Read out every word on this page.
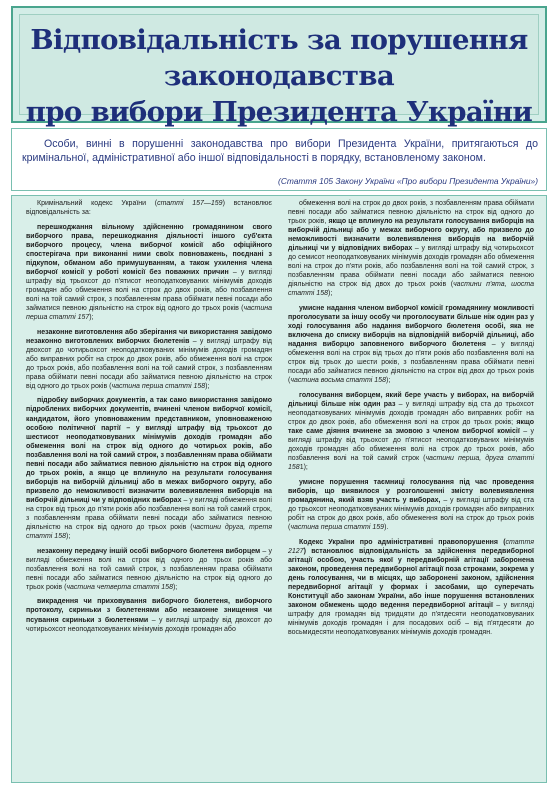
Відповідальність за порушення законодавства
про вибори Президента України
Особи, винні в порушенні законодавства про вибори Президента України, притягаються до кримінальної, адміністративної або іншої відповідальності в порядку, встановленому законом.
(Стаття 105 Закону України «Про вибори Президента України»)

Кримінальний кодекс України (статті 157—159) встановлює відповідальність за:

перешкоджання вільному здійсненню громадянином свого виборчого права, перешкоджання діяльності іншого суб'єкта виборчого процесу, члена виборчої комісії або офіційного спостерігача при виконанні ними своїх повноважень, поєднані з підкупом, обманом або примушуванням, а також ухилення члена виборчої комісії у роботі комісії без поважних причин – у вигляді штрафу від трьохсот до п'ятисот неоподатковуваних мінімумів доходів громадян або обмеження волі на строк до двох років, або позбавлення волі на той самий строк, з позбавленням права обіймати певні посади або займатися певною діяльністю на строк від одного до трьох років (частина перша статті 157);

незаконне виготовлення або зберігання чи використання завідомо незаконно виготовлених виборчих бюлетенів – у вигляді штрафу від двохсот до чотирьохсот неоподатковуваних мінімумів доходів громадян або виправних робіт на строк до двох років, або обмеження волі на строк до трьох років, або позбавлення волі на той самий строк, з позбавленням права обіймати певні посади або займатися певною діяльністю на строк від одного до трьох років (частина перша статті 158);

підробку виборчих документів, а так само використання завідомо підроблених виборчих документів, вчинені членом виборчої комісії, кандидатом, його уповноваженим представником, уповноваженою особою політичної партії – у вигляді штрафу від трьохсот до шестисот неоподатковуваних мінімумів доходів громадян або обмеження волі на строк від одного до чотирьох років, або позбавлення волі на той самий строк, з позбавленням права обіймати певні посади або займатися певною діяльністю на строк від одного до трьох років, а якщо це вплинуло на результати голосування виборців на виборчій дільниці або в межах виборчого округу, або призвело до неможливості визначити волевиявлення виборців на виборчій дільниці чи у відповідних виборах – у вигляді обмеження волі на строк від трьох до п'яти років або позбавлення волі на той самий строк, з позбавленням права обіймати певні посади або займатися певною діяльністю на строк від одного до трьох років (частини друга, третя статті 158);

незаконну передачу іншій особі виборчого бюлетеня виборцем – у вигляді обмеження волі на строк від одного до трьох років або позбавлення волі на той самий строк, з позбавленням права обіймати певні посади або займатися певною діяльністю на строк від одного до трьох років (частина четверта статті 158);

викрадення чи приховування виборчого бюлетеня, виборчого протоколу, скриньки з бюлетенями або незаконне знищення чи псування скриньки з бюлетенями – у вигляді штрафу від двохсот до чотирьохсот неоподатковуваних мінімумів доходів громадян або

обмеження волі на строк до двох років, з позбавленням права обіймати певні посади або займатися певною діяльністю на строк від одного до трьох років, якщо це вплинуло на результати голосування виборців на виборчій дільниці або у межах виборчого округу, або призвело до неможливості визначити волевиявлення виборців на виборчій дільниці чи у відповідних виборах – у вигляді штрафу від чотирьохсот до семисот неоподатковуваних мінімумів доходів громадян або обмеження волі на строк до п'яти років, або позбавлення волі на той самий строк, з позбавленням права обіймати певні посади або займатися певною діяльністю на строк від двох до трьох років (частини п'ята, шоста статті 158);

умисне надання членом виборчої комісії громадянину можливості проголосувати за іншу особу чи проголосувати більше ніж один раз у ході голосування або надання виборчого бюлетеня особі, яка не включена до списку виборців на відповідній виборчій дільниці, або надання виборцю заповненого виборчого бюлетеня – у вигляді обмеження волі на строк від трьох до п'яти років або позбавлення волі на строк від трьох до шести років, з позбавленням права обіймати певні посади або займатися певною діяльністю на строк від двох до трьох років (частина восьма статті 158);

голосування виборцем, який бере участь у виборах, на виборчій дільниці більше ніж один раз – у вигляді штрафу від ста до трьохсот неоподатковуваних мінімумів доходів громадян або виправних робіт на строк до двох років, або обмеження волі на строк до трьох років; якщо таке саме діяння вчинене за змовою з членом виборчої комісії – у вигляді штрафу від трьохсот до п'ятисот неоподатковуваних мінімумів доходів громадян або обмеження волі на строк до трьох років, або позбавлення волі на той самий строк (частини перша, друга статті 1581);

умисне порушення таємниці голосування під час проведення виборів, що виявилося у розголошенні змісту волевиявлення громадянина, який взяв участь у виборах, – у вигляді штрафу від ста до трьохсот неоподатковуваних мінімумів доходів громадян або виправних робіт на строк до двох років, або обмеження волі на строк до трьох років (частина перша статті 159).

Кодекс України про адміністративні правопорушення (стаття 2127) встановлює відповідальність за здійснення передвиборної агітації особою, участь якої у передвиборній агітації заборонена законом, проведення передвиборної агітації поза строками, зокрема у день голосування, чи в місцях, що заборонені законом, здійснення передвиборної агітації у формах і засобами, що суперечать Конституції або законам України, або інше порушення встановлених законом обмежень щодо ведення передвиборної агітації – у вигляді штрафу для громадян від тридцяти до п'ятдесяти неоподатковуваних мінімумів доходів громадян і для посадових осіб – від п'ятдесяти до восьмидесяти неоподатковуваних мінімумів доходів громадян.
